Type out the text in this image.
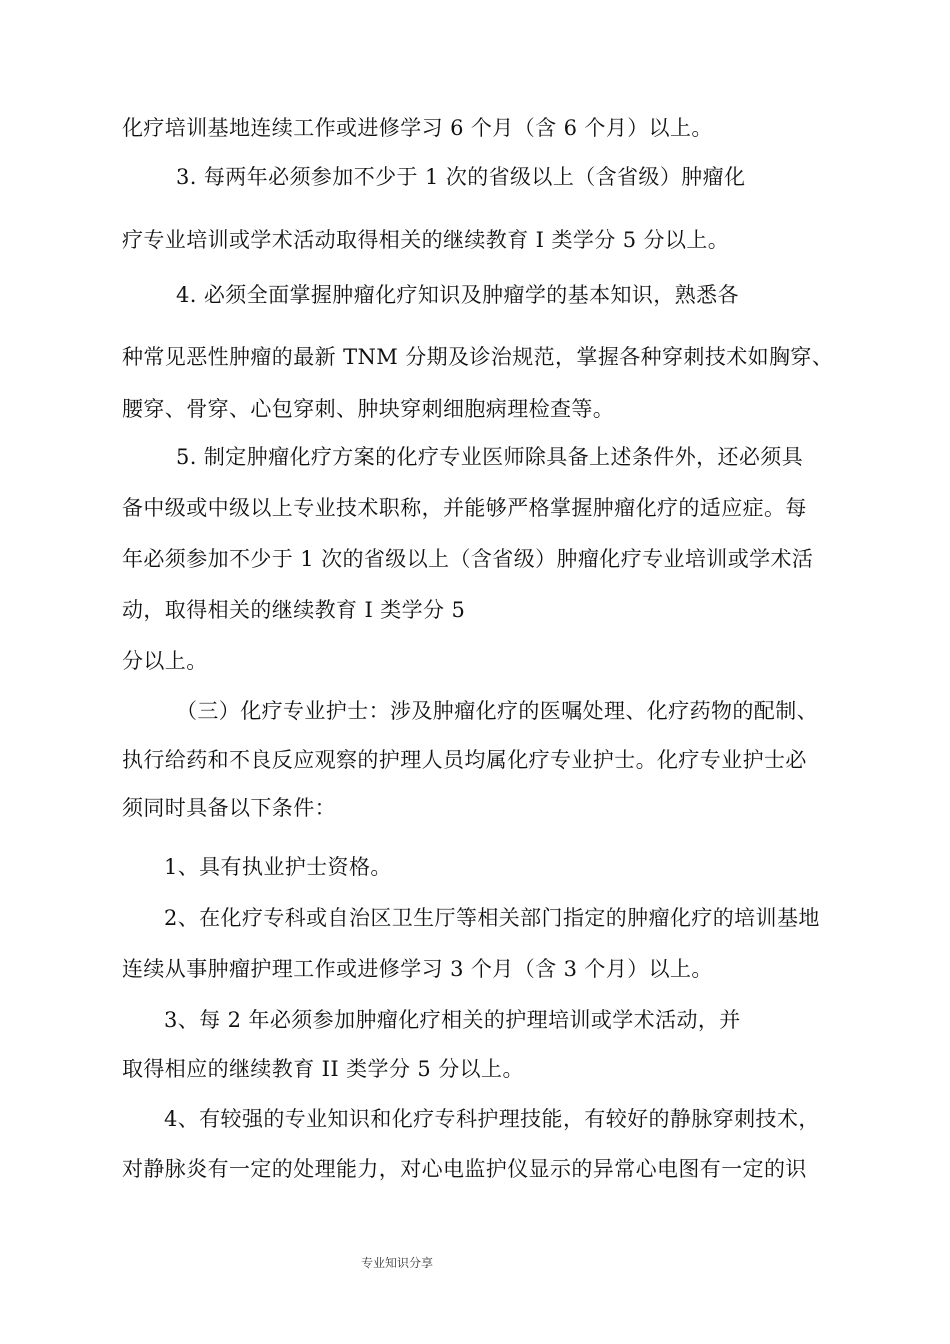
化疗培训基地连续工作或进修学习 6 个月（含 6 个月）以上。
3. 每两年必须参加不少于 1 次的省级以上（含省级）肿瘤化
疗专业培训或学术活动取得相关的继续教育 I 类学分 5 分以上。
4. 必须全面掌握肿瘤化疗知识及肿瘤学的基本知识，熟悉各
种常见恶性肿瘤的最新 TNM 分期及诊治规范，掌握各种穿刺技术如胸穿、
腰穿、骨穿、心包穿刺、肿块穿刺细胞病理检查等。
5. 制定肿瘤化疗方案的化疗专业医师除具备上述条件外，还必须具
备中级或中级以上专业技术职称，并能够严格掌握肿瘤化疗的适应症。每
年必须参加不少于 1 次的省级以上（含省级）肿瘤化疗专业培训或学术活
动，取得相关的继续教育 I 类学分 5
分以上。
（三）化疗专业护士：涉及肿瘤化疗的医嘱处理、化疗药物的配制、
执行给药和不良反应观察的护理人员均属化疗专业护士。化疗专业护士必
须同时具备以下条件：
1、具有执业护士资格。
2、在化疗专科或自治区卫生厅等相关部门指定的肿瘤化疗的培训基地
连续从事肿瘤护理工作或进修学习 3 个月（含 3 个月）以上。
3、每 2 年必须参加肿瘤化疗相关的护理培训或学术活动，并
取得相应的继续教育 II 类学分 5 分以上。
4、有较强的专业知识和化疗专科护理技能，有较好的静脉穿刺技术，
对静脉炎有一定的处理能力，对心电监护仪显示的异常心电图有一定的识
专业知识分享
